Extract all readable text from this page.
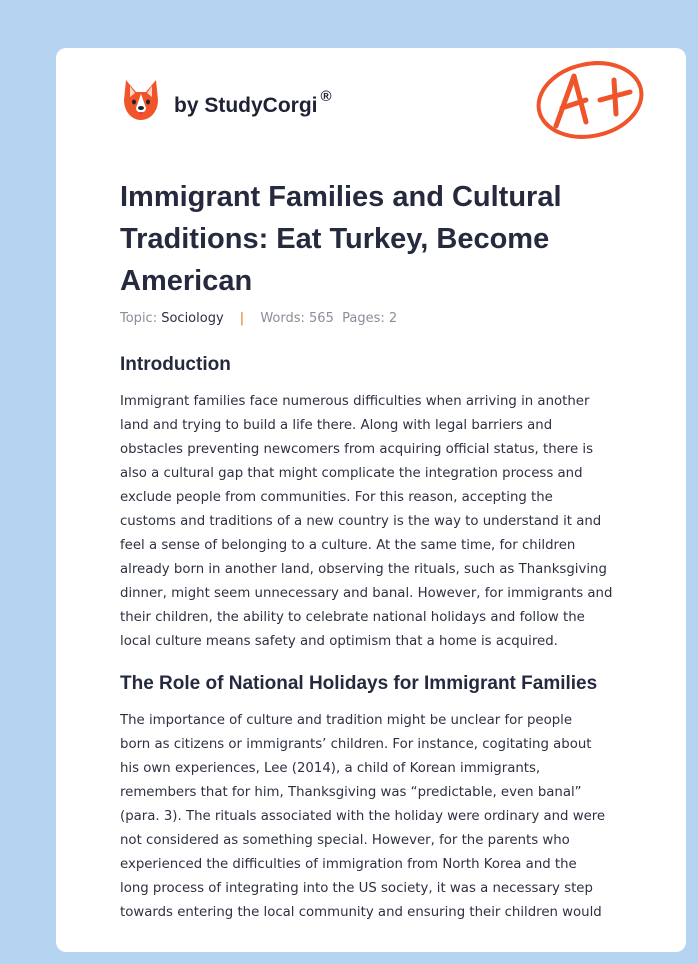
by StudyCorgi ®
Immigrant Families and Cultural
Traditions: Eat Turkey, Become
American
Topic: Sociology | Words: 565 Pages: 2
Introduction
Immigrant families face numerous difficulties when arriving in another
land and trying to build a life there. Along with legal barriers and
obstacles preventing newcomers from acquiring official status, there is
also a cultural gap that might complicate the integration process and
exclude people from communities. For this reason, accepting the
customs and traditions of a new country is the way to understand it and
feel a sense of belonging to a culture. At the same time, for children
already born in another land, observing the rituals, such as Thanksgiving
dinner, might seem unnecessary and banal. However, for immigrants and
their children, the ability to celebrate national holidays and follow the
local culture means safety and optimism that a home is acquired.
The Role of National Holidays for Immigrant Families
The importance of culture and tradition might be unclear for people
born as citizens or immigrants’ children. For instance, cogitating about
his own experiences, Lee (2014), a child of Korean immigrants,
remembers that for him, Thanksgiving was “predictable, even banal”
(para. 3). The rituals associated with the holiday were ordinary and were
not considered as something special. However, for the parents who
experienced the difficulties of immigration from North Korea and the
long process of integrating into the US society, it was a necessary step
towards entering the local community and ensuring their children would
